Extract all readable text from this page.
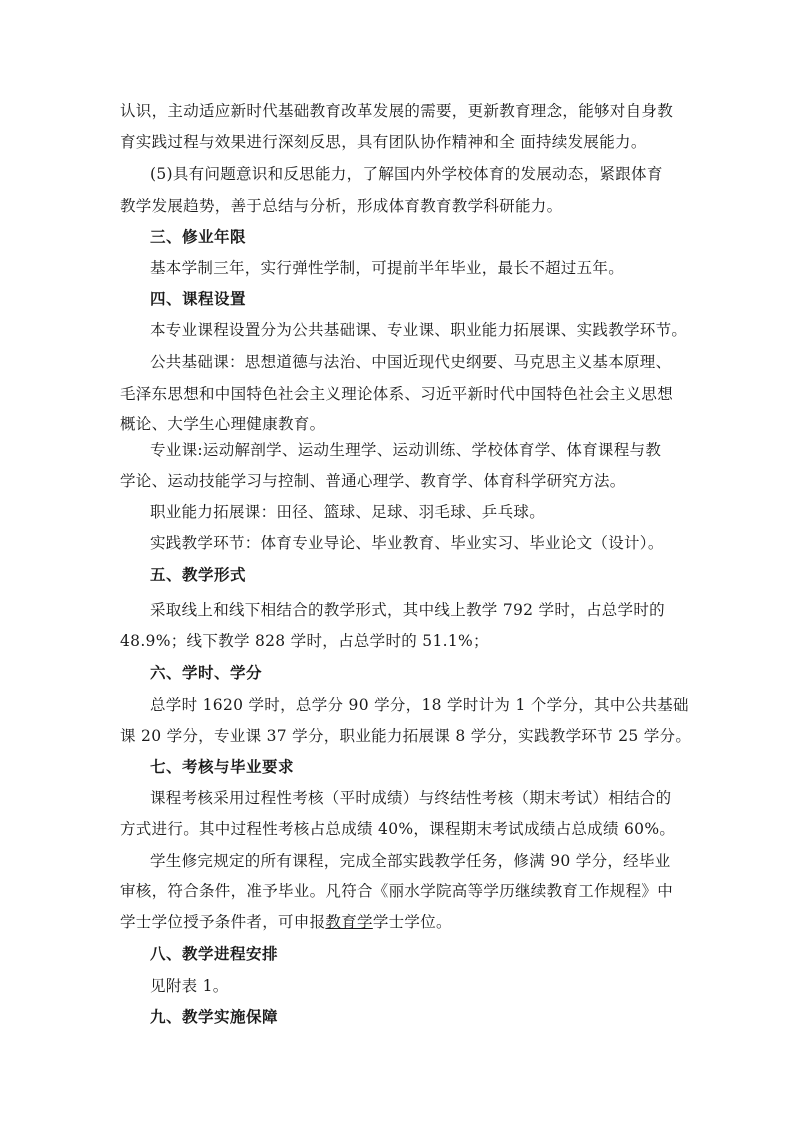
认识，主动适应新时代基础教育改革发展的需要，更新教育理念，能够对自身教
育实践过程与效果进行深刻反思，具有团队协作精神和全 面持续发展能力。
(5)具有问题意识和反思能力，了解国内外学校体育的发展动态，紧跟体育
教学发展趋势，善于总结与分析，形成体育教育教学科研能力。
三、修业年限
基本学制三年，实行弹性学制，可提前半年毕业，最长不超过五年。
四、课程设置
本专业课程设置分为公共基础课、专业课、职业能力拓展课、实践教学环节。
公共基础课：思想道德与法治、中国近现代史纲要、马克思主义基本原理、
毛泽东思想和中国特色社会主义理论体系、习近平新时代中国特色社会主义思想
概论、大学生心理健康教育。
专业课:运动解剖学、运动生理学、运动训练、学校体育学、体育课程与教
学论、运动技能学习与控制、普通心理学、教育学、体育科学研究方法。
职业能力拓展课：田径、篮球、足球、羽毛球、乒乓球。
实践教学环节：体育专业导论、毕业教育、毕业实习、毕业论文（设计）。
五、教学形式
采取线上和线下相结合的教学形式，其中线上教学 792 学时，占总学时的
48.9%；线下教学 828 学时，占总学时的 51.1%；
六、学时、学分
总学时 1620 学时，总学分 90 学分，18 学时计为 1 个学分，其中公共基础
课 20 学分，专业课 37 学分，职业能力拓展课 8 学分，实践教学环节 25 学分。
七、考核与毕业要求
课程考核采用过程性考核（平时成绩）与终结性考核（期末考试）相结合的
方式进行。其中过程性考核占总成绩 40%，课程期末考试成绩占总成绩 60%。
学生修完规定的所有课程，完成全部实践教学任务，修满 90 学分，经毕业
审核，符合条件，准予毕业。凡符合《丽水学院高等学历继续教育工作规程》中
学士学位授予条件者，可申报教育学学士学位。
八、教学进程安排
见附表 1。
九、教学实施保障
